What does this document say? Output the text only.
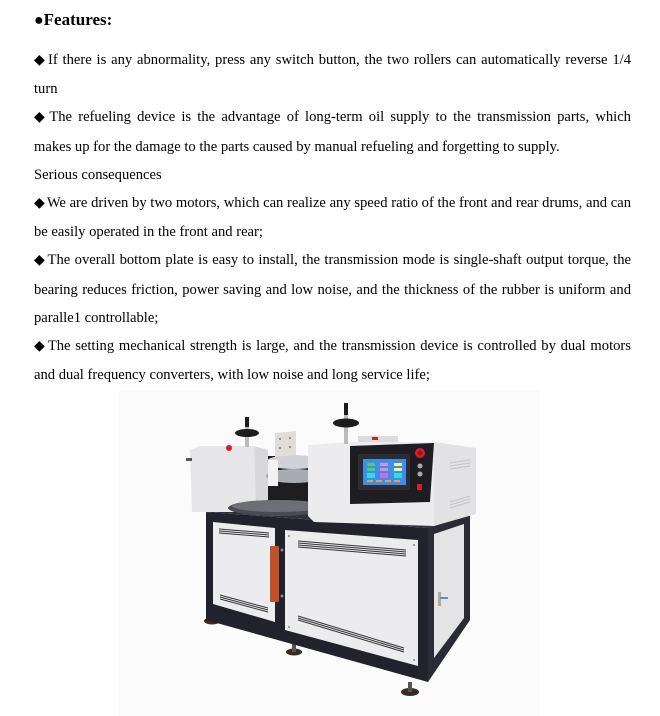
●Features:

◆ If there is any abnormality, press any switch button, the two rollers can automatically reverse 1/4 turn

◆ The refueling device is the advantage of long-term oil supply to the transmission parts, which makes up for the damage to the parts caused by manual refueling and forgetting to supply.

Serious consequences

◆ We are driven by two motors, which can realize any speed ratio of the front and rear drums, and can be easily operated in the front and rear;

◆ The overall bottom plate is easy to install, the transmission mode is single-shaft output torque, the bearing reduces friction, power saving and low noise, and the thickness of the rubber is uniform and paralle1 controllable;

◆ The setting mechanical strength is large, and the transmission device is controlled by dual motors and dual frequency converters, with low noise and long service life;
